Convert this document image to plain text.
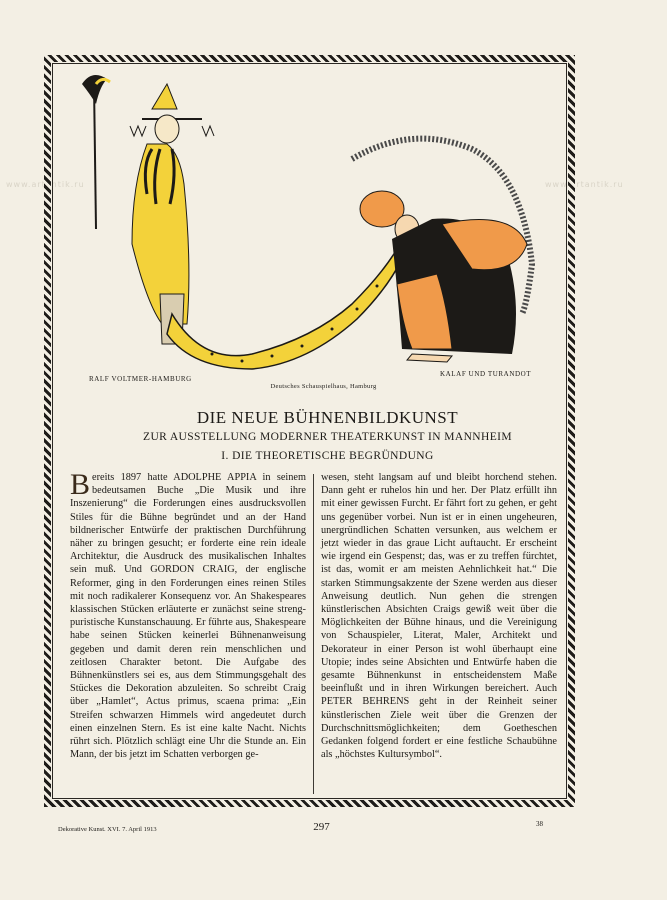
www.artantik.ru	www.artantik.ru
RALF VOLTMER-HAMBURG
KALAF UND TURANDOT
Deutsches Schauspielhaus, Hamburg
DIE NEUE BÜHNENBILDKUNST
ZUR AUSSTELLUNG MODERNER THEATERKUNST IN MANNHEIM
I. DIE THEORETISCHE BEGRÜNDUNG

Bereits 1897 hatte ADOLPHE APPIA in seinem bedeutsamen Buche „Die Musik und ihre Inszenierung“ die Forderungen eines ausdrucksvollen Stiles für die Bühne begründet und an der Hand bildnerischer Entwürfe der praktischen Durchführung näher zu bringen gesucht; er forderte eine rein ideale Architektur, die Ausdruck des musikalischen Inhaltes sein muß. Und GORDON CRAIG, der englische Reformer, ging in den Forderungen eines reinen Stiles mit noch radikalerer Konsequenz vor. An Shakespeares klassischen Stücken erläuterte er zunächst seine streng-puristische Kunstanschauung. Er führte aus, Shakespeare habe seinen Stücken keinerlei Bühnenanweisung gegeben und damit deren rein menschlichen und zeitlosen Charakter betont. Die Aufgabe des Bühnenkünstlers sei es, aus dem Stimmungsgehalt des Stückes die Dekoration abzuleiten. So schreibt Craig über „Hamlet“, Actus primus, scaena prima: „Ein Streifen schwarzen Himmels wird angedeutet durch einen einzelnen Stern. Es ist eine kalte Nacht. Nichts rührt sich. Plötzlich schlägt eine Uhr die Stunde an. Ein Mann, der bis jetzt im Schatten verborgen ge-

wesen, steht langsam auf und bleibt horchend stehen. Dann geht er ruhelos hin und her. Der Platz erfüllt ihn mit einer gewissen Furcht. Er fährt fort zu gehen, er geht uns gegenüber vorbei. Nun ist er in einen ungeheuren, unergründlichen Schatten versunken, aus welchem er jetzt wieder in das graue Licht auftaucht. Er erscheint wie irgend ein Gespenst; das, was er zu treffen fürchtet, ist das, womit er am meisten Aehnlichkeit hat.“ Die starken Stimmungsakzente der Szene werden aus dieser Anweisung deutlich. Nun gehen die strengen künstlerischen Absichten Craigs gewiß weit über die Möglichkeiten der Bühne hinaus, und die Vereinigung von Schauspieler, Literat, Maler, Architekt und Dekorateur in einer Person ist wohl überhaupt eine Utopie; indes seine Absichten und Entwürfe haben die gesamte Bühnenkunst in entscheidenstem Maße beeinflußt und in ihren Wirkungen bereichert. Auch PETER BEHRENS geht in der Reinheit seiner künstlerischen Ziele weit über die Grenzen der Durchschnittsmöglichkeiten; dem Goetheschen Gedanken folgend fordert er eine festliche Schaubühne als „höchstes Kultursymbol“.

Dekorative Kunst. XVI. 7. April 1913	297	38
